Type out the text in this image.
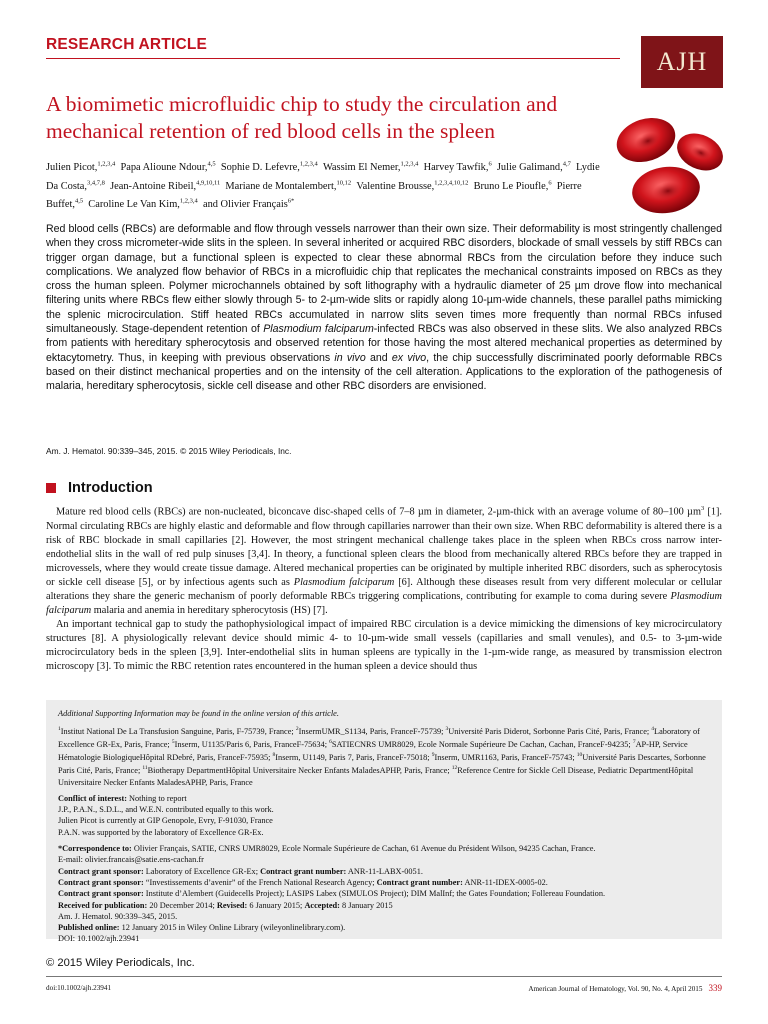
RESEARCH ARTICLE
AJH
A biomimetic microfluidic chip to study the circulation and mechanical retention of red blood cells in the spleen
Julien Picot,$^{1,2,3,4}$  Papa Alioune Ndour,$^{4,5}$  Sophie D. Lefevre,$^{1,2,3,4}$  Wassim El Nemer,$^{1,2,3,4}$  Harvey Tawfik,$^6$  Julie Galimand,$^{4,7}$  Lydie Da Costa,$^{3,4,7,8}$  Jean-Antoine Ribeil,$^{4,9,10,11}$  Mariane de Montalembert,$^{10,12}$  Valentine Brousse,$^{1,2,3,4,10,12}$  Bruno Le Pioufle,$^6$  Pierre Buffet,$^{4,5}$  Caroline Le Van Kim,$^{1,2,3,4}$  and Olivier Français$^{6*}$ 

Red blood cells (RBCs) are deformable and flow through vessels narrower than their own size. Their deformability is most stringently challenged when they cross micrometer-wide slits in the spleen. In several inherited or acquired RBC disorders, blockade of small vessels by stiff RBCs can trigger organ damage, but a functional spleen is expected to clear these abnormal RBCs from the circulation before they induce such complications. We analyzed flow behavior of RBCs in a microfluidic chip that replicates the mechanical constraints imposed on RBCs as they cross the human spleen. Polymer microchannels obtained by soft lithography with a hydraulic diameter of 25 µm drove flow into mechanical filtering units where RBCs flew either slowly through 5- to 2-µm-wide slits or rapidly along 10-µm-wide channels, these parallel paths mimicking the splenic microcirculation. Stiff heated RBCs accumulated in narrow slits seven times more frequently than normal RBCs infused simultaneously. Stage-dependent retention of Plasmodium falciparum-infected RBCs was also observed in these slits. We also analyzed RBCs from patients with hereditary spherocytosis and observed retention for those having the most altered mechanical properties as determined by ektacytometry. Thus, in keeping with previous observations in vivo and ex vivo, the chip successfully discriminated poorly deformable RBCs based on their distinct mechanical properties and on the intensity of the cell alteration. Applications to the exploration of the pathogenesis of malaria, hereditary spherocytosis, sickle cell disease and other RBC disorders are envisioned.

Am. J. Hematol. 90:339–345, 2015. © 2015 Wiley Periodicals, Inc.

Introduction

Mature red blood cells (RBCs) are non-nucleated, biconcave disc-shaped cells of 7–8 µm in diameter, 2-µm-thick with an average volume of 80–100 µm$^3$ [1]. Normal circulating RBCs are highly elastic and deformable and flow through capillaries narrower than their own size. When RBC deformability is altered there is a risk of RBC blockade in small capillaries [2]. However, the most stringent mechanical challenge takes place in the spleen when RBCs cross narrow inter-endothelial slits in the wall of red pulp sinuses [3,4]. In theory, a functional spleen clears the blood from mechanically altered RBCs before they are trapped in microvessels, where they would create tissue damage. Altered mechanical properties can be originated by multiple inherited RBC disorders, such as spherocytosis or sickle cell disease [5], or by infectious agents such as Plasmodium falciparum [6]. Although these diseases result from very different molecular or cellular alterations they share the generic mechanism of poorly deformable RBCs triggering complications, contributing for example to coma during severe Plasmodium falciparum malaria and anemia in hereditary spherocytosis (HS) [7].

An important technical gap to study the pathophysiological impact of impaired RBC circulation is a device mimicking the dimensions of key microcirculatory structures [8]. A physiologically relevant device should mimic 4- to 10-µm-wide small vessels (capillaries and small venules), and 0.5- to 3-µm-wide microcirculatory beds in the spleen [3,9]. Inter-endothelial slits in human spleens are typically in the 1-µm-wide range, as measured by transmission electron microscopy [3]. To mimic the RBC retention rates encountered in the human spleen a device should thus

Additional Supporting Information may be found in the online version of this article.

$^1$Institut National De La Transfusion Sanguine, Paris, F-75739, France; $^2$InsermUMR_S1134, Paris, FranceF-75739; $^3$Université Paris Diderot, Sorbonne Paris Cité, Paris, France; $^4$Laboratory of Excellence GR-Ex, Paris, France; $^5$Inserm, U1135/Paris 6, Paris, FranceF-75634; $^6$SATIECNRS UMR8029, Ecole Normale Supérieure De Cachan, Cachan, FranceF-94235; $^7$AP-HP, Service Hématologie BiologiqueHôpital RDebré, Paris, FranceF-75935; $^8$Inserm, U1149, Paris 7, Paris, FranceF-75018; $^9$Inserm, UMR1163, Paris, FranceF-75743; $^{10}$Université Paris Descartes, Sorbonne Paris Cité, Paris, France; $^{11}$Biotherapy DepartmentHôpital Universitaire Necker Enfants MaladesAPHP, Paris, France; $^{12}$Reference Centre for Sickle Cell Disease, Pediatric DepartmentHôpital Universitaire Necker Enfants MaladesAPHP, Paris, France

Conflict of interest: Nothing to report

J.P., P.A.N., S.D.L., and W.E.N. contributed equally to this work.

Julien Picot is currently at GIP Genopole, Evry, F-91030, France

P.A.N. was supported by the laboratory of Excellence GR-Ex.

*Correspondence to: Olivier Français, SATIE, CNRS UMR8029, Ecole Normale Supérieure de Cachan, 61 Avenue du Président Wilson, 94235 Cachan, France.

E-mail: olivier.francais@satie.ens-cachan.fr

Contract grant sponsor: Laboratory of Excellence GR-Ex; Contract grant number: ANR-11-LABX-0051.

Contract grant sponsor: “Investissements d’avenir” of the French National Research Agency; Contract grant number: ANR-11-IDEX-0005-02.

Contract grant sponsor: Institute d’Alembert (Guidecells Project); LASIPS Labex (SIMULOS Project); DIM MalInf; the Gates Foundation; Follereau Foundation.

Received for publication: 20 December 2014; Revised: 6 January 2015; Accepted: 8 January 2015

Am. J. Hematol. 90:339–345, 2015.

Published online: 12 January 2015 in Wiley Online Library (wileyonlinelibrary.com).

DOI: 10.1002/ajh.23941

© 2015 Wiley Periodicals, Inc.
doi:10.1002/ajh.23941	American Journal of Hematology, Vol. 90, No. 4, April 2015 339
